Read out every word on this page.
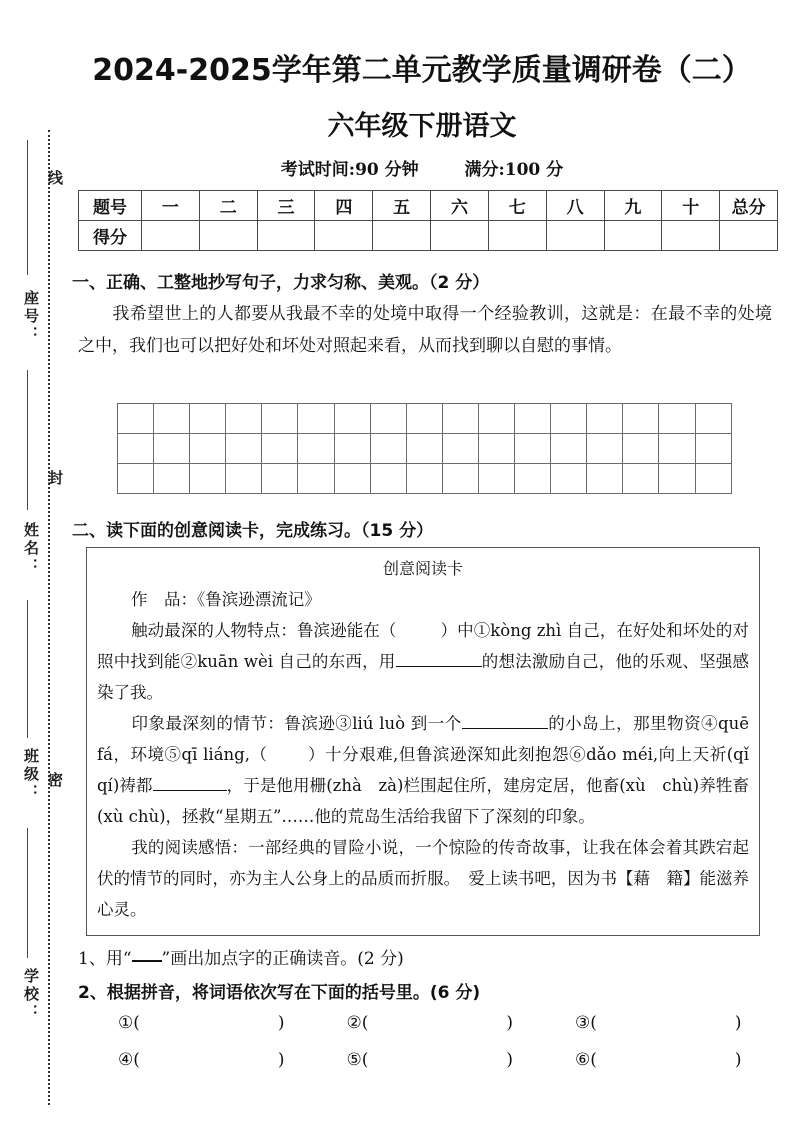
线
封
密
座号：
姓名：
班级：
学校：
2024-2025学年第二单元教学质量调研卷（二）
六年级下册语文
考试时间:90 分钟	满分:100 分
题号	一	二	三	四	五	六	七	八	九	十	总分
得分											
一、正确、工整地抄写句子，力求匀称、美观。（2 分）
我希望世上的人都要从我最不幸的处境中取得一个经验教训，这就是：在最不幸的处境之中，我们也可以把好处和坏处对照起来看，从而找到聊以自慰的事情。

二、读下面的创意阅读卡，完成练习。（15 分）
创意阅读卡
作　品：《鲁滨逊漂流记》
触动最深的人物特点：鲁滨逊能在（	）中①kòng zhì 自己，在好处和坏处的对照中找到能②kuān wèi 自己的东西，用	的想法激励自己，他的乐观、坚强感染了我。
印象最深刻的情节：鲁滨逊③liú luò 到一个	的小岛上，那里物资④quē fá，环境⑤qī liáng,（ ）十分艰难,但鲁滨逊深知此刻抱怨⑥dǎo méi,向上天祈(qǐ　qí)祷都	，于是他用栅(zhà　zà)栏围起住所，建房定居，他畜(xù　chù)养牲畜(xù chù)，拯救“星期五”……他的荒岛生活给我留下了深刻的印象。
我的阅读感悟：一部经典的冒险小说，一个惊险的传奇故事，让我在体会着其跌宕起伏的情节的同时，亦为主人公身上的品质而折服。　爱上读书吧，因为书【藉　籍】能滋养心灵。
1、用“ ”画出加点字的正确读音。(2 分)
2、根据拼音，将词语依次写在下面的括号里。(6 分)
①(	)	②(	)	③(	)
④(	)	⑤(	)	⑥(	)
